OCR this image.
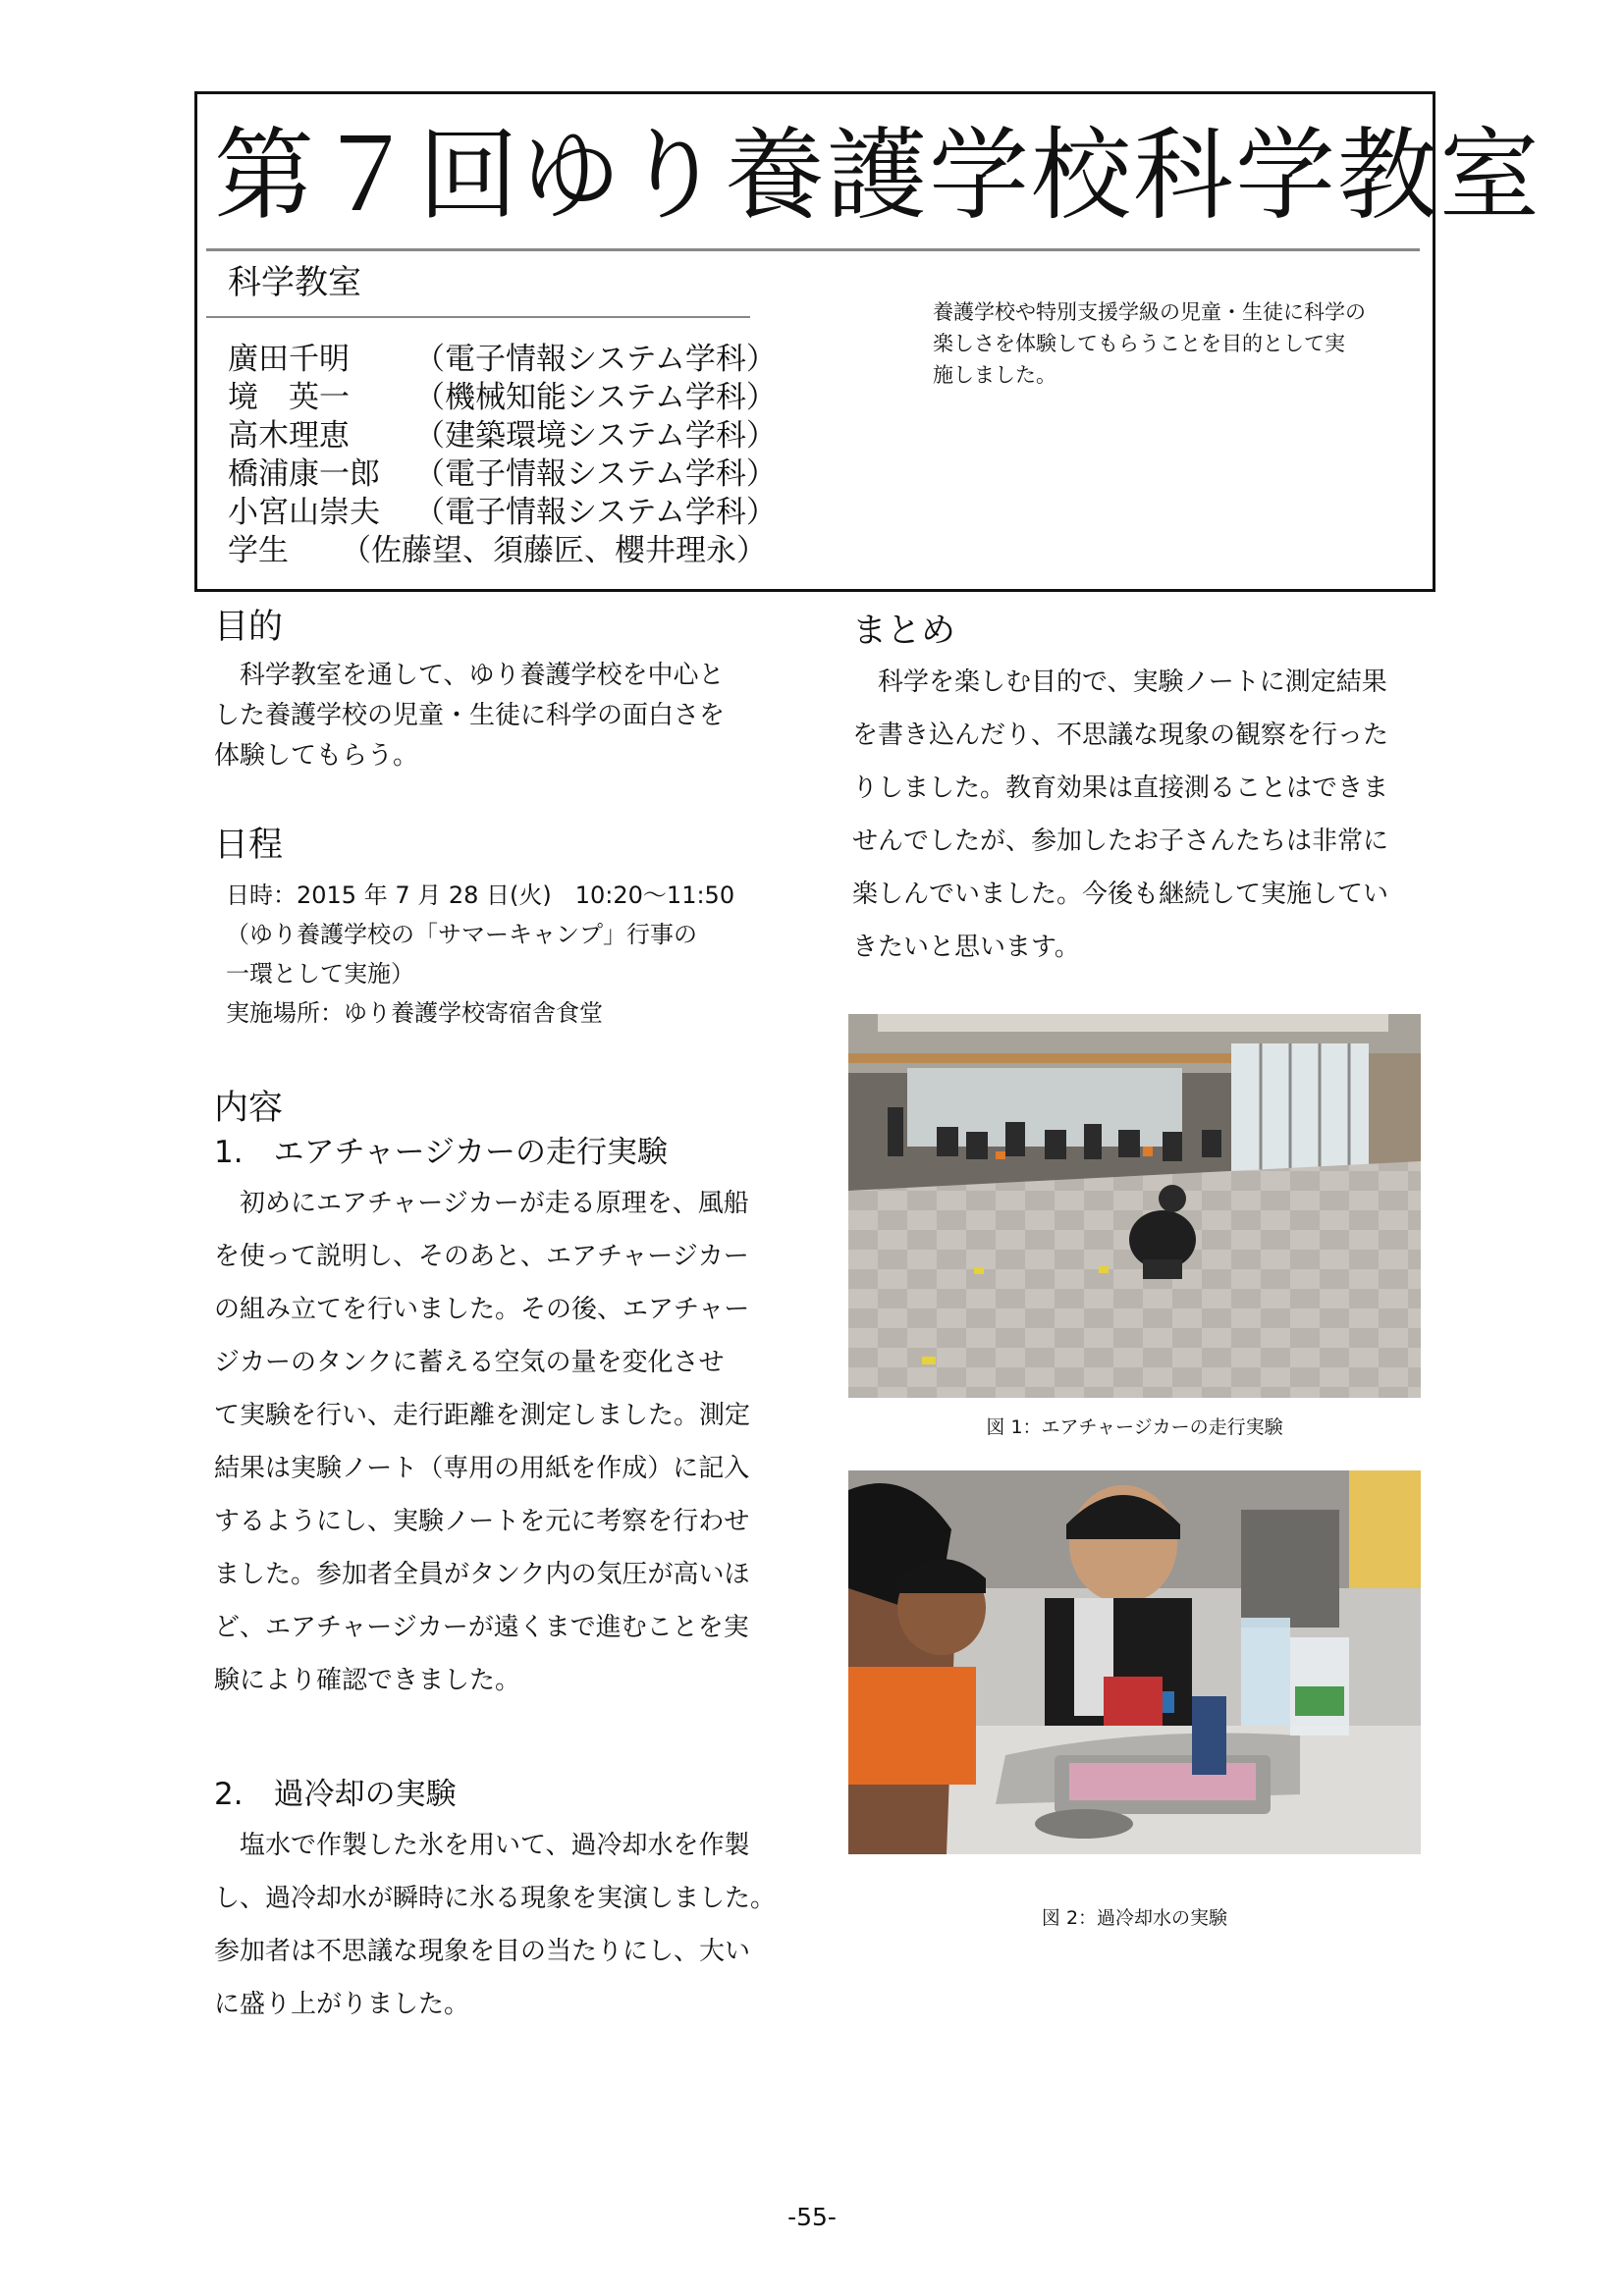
第７回ゆり養護学校科学教室
科学教室
廣田千明	（電子情報システム学科）
境　英一	（機械知能システム学科）
高木理恵	（建築環境システム学科）
橋浦康一郎	（電子情報システム学科）
小宮山崇夫	（電子情報システム学科）
学生	（佐藤望、須藤匠、櫻井理永）
養護学校や特別支援学級の児童・生徒に科学の
楽しさを体験してもらうことを目的として実
施しました。
目的
　科学教室を通して、ゆり養護学校を中心と
した養護学校の児童・生徒に科学の面白さを
体験してもらう。
日程
日時：2015 年 7 月 28 日(火)　10:20～11:50
（ゆり養護学校の「サマーキャンプ」行事の
一環として実施）
実施場所：ゆり養護学校寄宿舎食堂
内容
1.　エアチャージカーの走行実験
　初めにエアチャージカーが走る原理を、風船
を使って説明し、そのあと、エアチャージカー
の組み立てを行いました。その後、エアチャー
ジカーのタンクに蓄える空気の量を変化させ
て実験を行い、走行距離を測定しました。測定
結果は実験ノート（専用の用紙を作成）に記入
するようにし、実験ノートを元に考察を行わせ
ました。参加者全員がタンク内の気圧が高いほ
ど、エアチャージカーが遠くまで進むことを実
験により確認できました。
2.　過冷却の実験
　塩水で作製した氷を用いて、過冷却水を作製
し、過冷却水が瞬時に氷る現象を実演しました。
参加者は不思議な現象を目の当たりにし、大い
に盛り上がりました。
まとめ
　科学を楽しむ目的で、実験ノートに測定結果
を書き込んだり、不思議な現象の観察を行った
りしました。教育効果は直接測ることはできま
せんでしたが、参加したお子さんたちは非常に
楽しんでいました。今後も継続して実施してい
きたいと思います。
図 1：エアチャージカーの走行実験
図 2：過冷却水の実験
-55-
